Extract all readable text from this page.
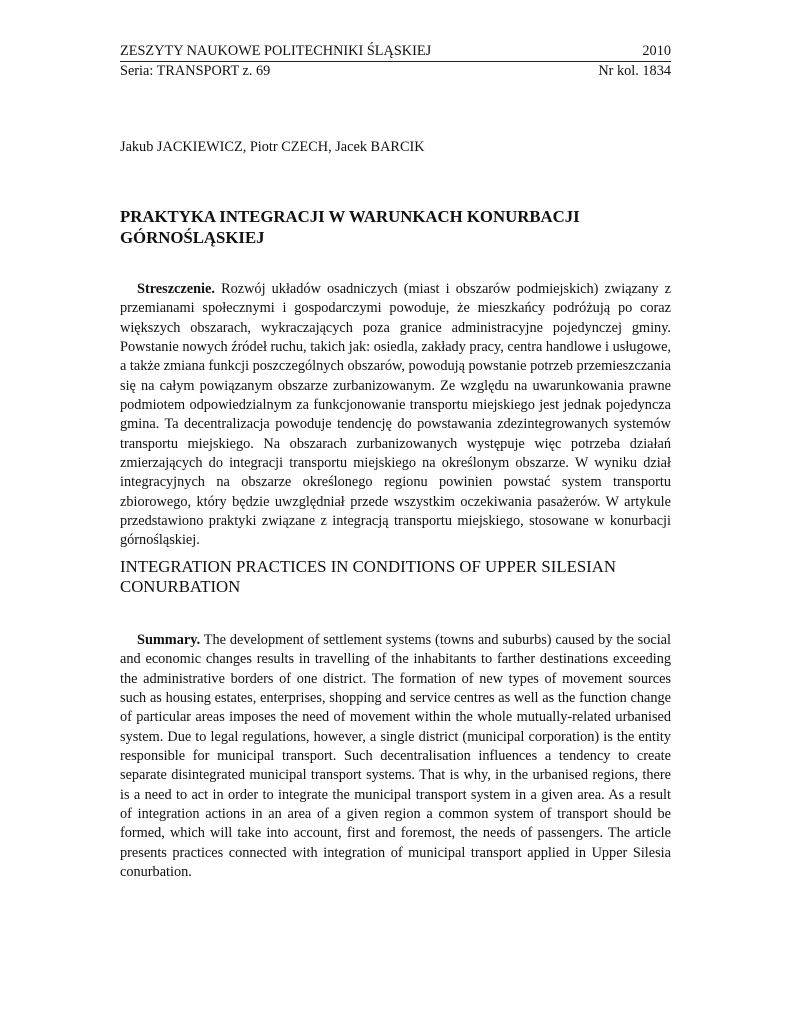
ZESZYTY NAUKOWE POLITECHNIKI ŚLĄSKIEJ	2010
Seria: TRANSPORT z. 69	Nr kol. 1834
Jakub JACKIEWICZ, Piotr CZECH, Jacek BARCIK
PRAKTYKA INTEGRACJI W WARUNKACH KONURBACJI
GÓRNOŚLĄSKIEJ

Streszczenie. Rozwój układów osadniczych (miast i obszarów podmiejskich) związany z przemianami społecznymi i gospodarczymi powoduje, że mieszkańcy podróżują po coraz większych obszarach, wykraczających poza granice administracyjne pojedynczej gminy. Powstanie nowych źródeł ruchu, takich jak: osiedla, zakłady pracy, centra handlowe i usługowe, a także zmiana funkcji poszczególnych obszarów, powodują powstanie potrzeb przemieszczania się na całym powiązanym obszarze zurbanizowanym. Ze względu na uwarunkowania prawne podmiotem odpowiedzialnym za funkcjonowanie transportu miejskiego jest jednak pojedyncza gmina. Ta decentralizacja powoduje tendencję do powstawania zdezintegrowanych systemów transportu miejskiego. Na obszarach zurbanizowanych występuje więc potrzeba działań zmierzających do integracji transportu miejskiego na określonym obszarze. W wyniku dział integracyjnych na obszarze określonego regionu powinien powstać system transportu zbiorowego, który będzie uwzględniał przede wszystkim oczekiwania pasażerów. W artykule przedstawiono praktyki związane z integracją transportu miejskiego, stosowane w konurbacji górnośląskiej.

INTEGRATION PRACTICES IN CONDITIONS OF UPPER SILESIAN
CONURBATION

Summary. The development of settlement systems (towns and suburbs) caused by the social and economic changes results in travelling of the inhabitants to farther destinations exceeding the administrative borders of one district. The formation of new types of movement sources such as housing estates, enterprises, shopping and service centres as well as the function change of particular areas imposes the need of movement within the whole mutually-related urbanised system. Due to legal regulations, however, a single district (municipal corporation) is the entity responsible for municipal transport. Such decentralisation influences a tendency to create separate disintegrated municipal transport systems. That is why, in the urbanised regions, there is a need to act in order to integrate the municipal transport system in a given area. As a result of integration actions in an area of a given region a common system of transport should be formed, which will take into account, first and foremost, the needs of passengers. The article presents practices connected with integration of municipal transport applied in Upper Silesia conurbation.
